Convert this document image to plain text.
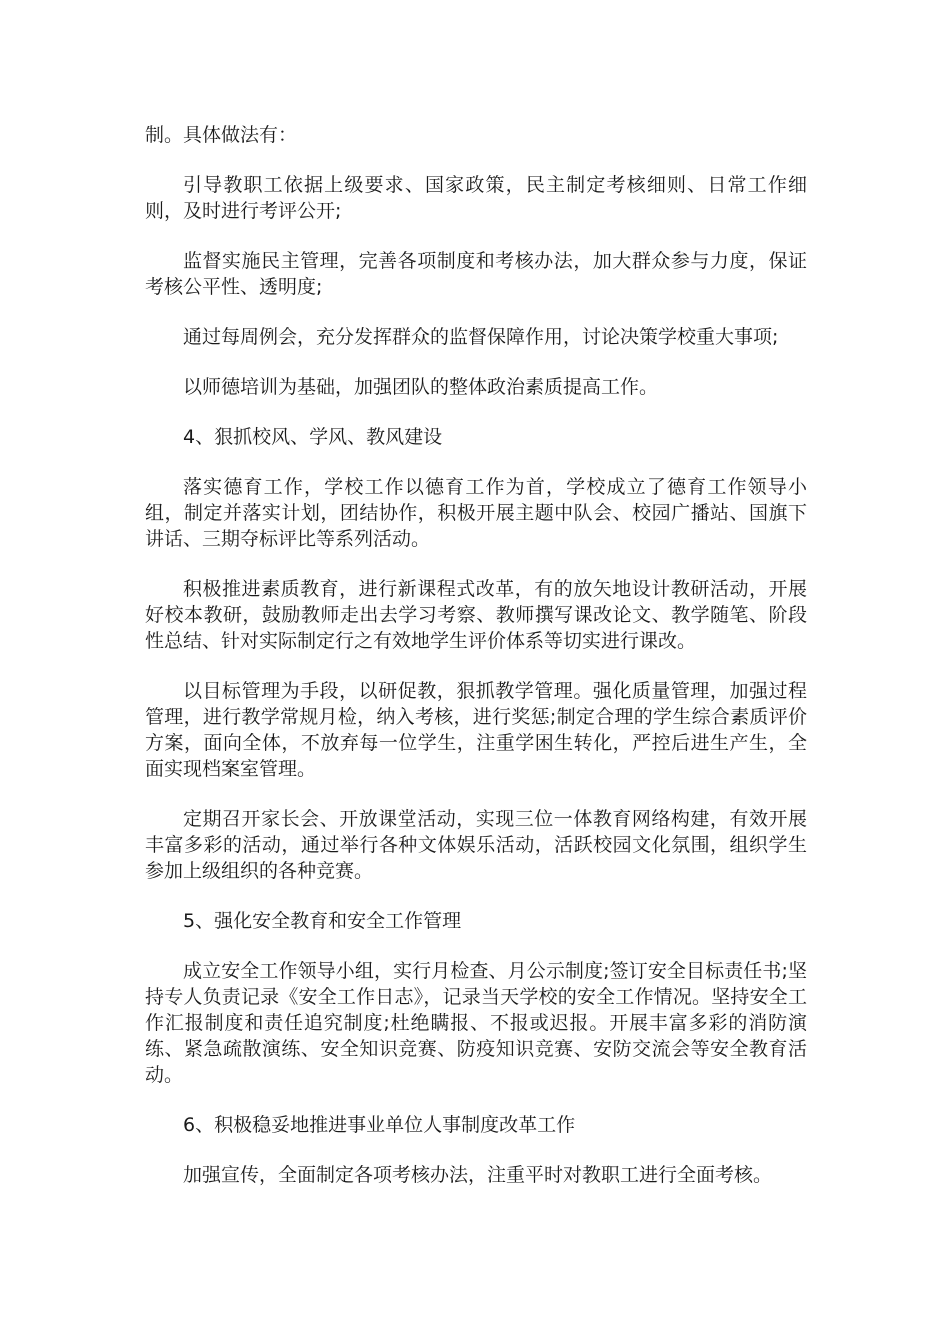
制。具体做法有：

引导教职工依据上级要求、国家政策，民主制定考核细则、日常工作细则，及时进行考评公开;

监督实施民主管理，完善各项制度和考核办法，加大群众参与力度，保证考核公平性、透明度;

通过每周例会，充分发挥群众的监督保障作用，讨论决策学校重大事项;

以师德培训为基础，加强团队的整体政治素质提高工作。

4、狠抓校风、学风、教风建设

落实德育工作，学校工作以德育工作为首，学校成立了德育工作领导小组，制定并落实计划，团结协作，积极开展主题中队会、校园广播站、国旗下讲话、三期夺标评比等系列活动。

积极推进素质教育，进行新课程式改革，有的放矢地设计教研活动，开展好校本教研，鼓励教师走出去学习考察、教师撰写课改论文、教学随笔、阶段性总结、针对实际制定行之有效地学生评价体系等切实进行课改。

以目标管理为手段，以研促教，狠抓教学管理。强化质量管理，加强过程管理，进行教学常规月检，纳入考核，进行奖惩;制定合理的学生综合素质评价方案，面向全体，不放弃每一位学生，注重学困生转化，严控后进生产生，全面实现档案室管理。

定期召开家长会、开放课堂活动，实现三位一体教育网络构建，有效开展丰富多彩的活动，通过举行各种文体娱乐活动，活跃校园文化氛围，组织学生参加上级组织的各种竞赛。

5、强化安全教育和安全工作管理

成立安全工作领导小组，实行月检查、月公示制度;签订安全目标责任书;坚持专人负责记录《安全工作日志》，记录当天学校的安全工作情况。坚持安全工作汇报制度和责任追究制度;杜绝瞒报、不报或迟报。开展丰富多彩的消防演练、紧急疏散演练、安全知识竞赛、防疫知识竞赛、安防交流会等安全教育活动。

6、积极稳妥地推进事业单位人事制度改革工作

加强宣传，全面制定各项考核办法，注重平时对教职工进行全面考核。
